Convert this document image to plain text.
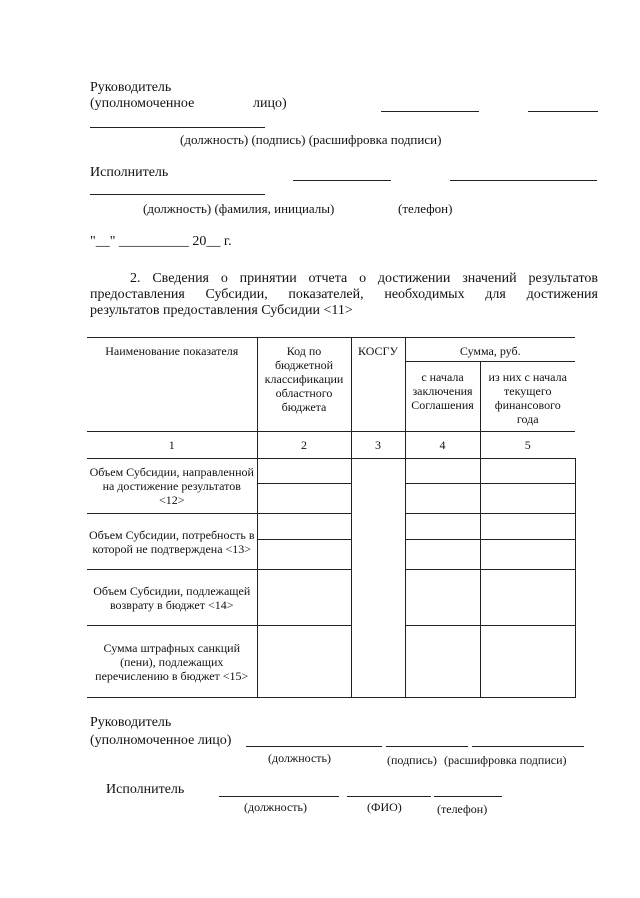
Руководитель
(уполномоченное	лицо)
(должность) (подпись) (расшифровка подписи)
Исполнитель
(должность) (фамилия, инициалы)	(телефон)
"__" __________ 20__ г.
2. Сведения о принятии отчета о достижении значений результатов
предоставления Субсидии, показателей, необходимых для достижения
результатов предоставления Субсидии <11>
Наименование показателя	Код по бюджетной классификации областного бюджета	КОСГУ	Сумма, руб.	
			с начала заключения Соглашения	из них с начала текущего финансового года
1	2	3	4	5
Объем Субсидии, направленной на достижение результатов <12>				

Объем Субсидии, потребность в которой не подтверждена <13>				

Объем Субсидии, подлежащей возврату в бюджет <14>				

Сумма штрафных санкций (пени), подлежащих перечислению в бюджет <15>				

Руководитель
(уполномоченное лицо)
(должность)	(подпись) (расшифровка подписи)
Исполнитель
(должность)	(ФИО)	(телефон)
